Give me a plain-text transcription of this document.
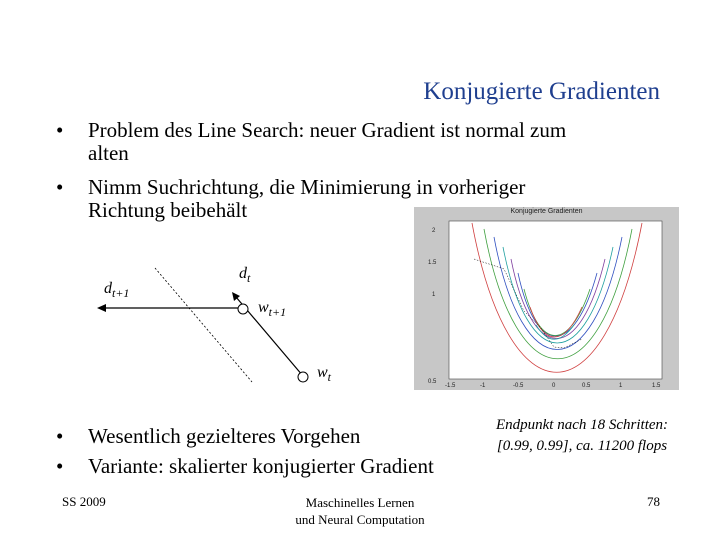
Konjugierte Gradienten
• Problem des Line Search: neuer Gradient ist normal zum
alten
• Nimm Suchrichtung, die Minimierung in vorheriger
Richtung beibehält
$d_{t+1}$
$d_t$
$w_{t+1}$
$w_t$
Konjugierte Gradienten
2
1.5
1
0.5
-1.5	-1	-0.5	0	0.5	1	1.5
Endpunkt nach 18 Schritten:
[0.99, 0.99], ca. 11200 flops
• Wesentlich gezielteres Vorgehen
• Variante: skalierter konjugierter Gradient
SS 2009	Maschinelles Lernen
und Neural Computation
78
